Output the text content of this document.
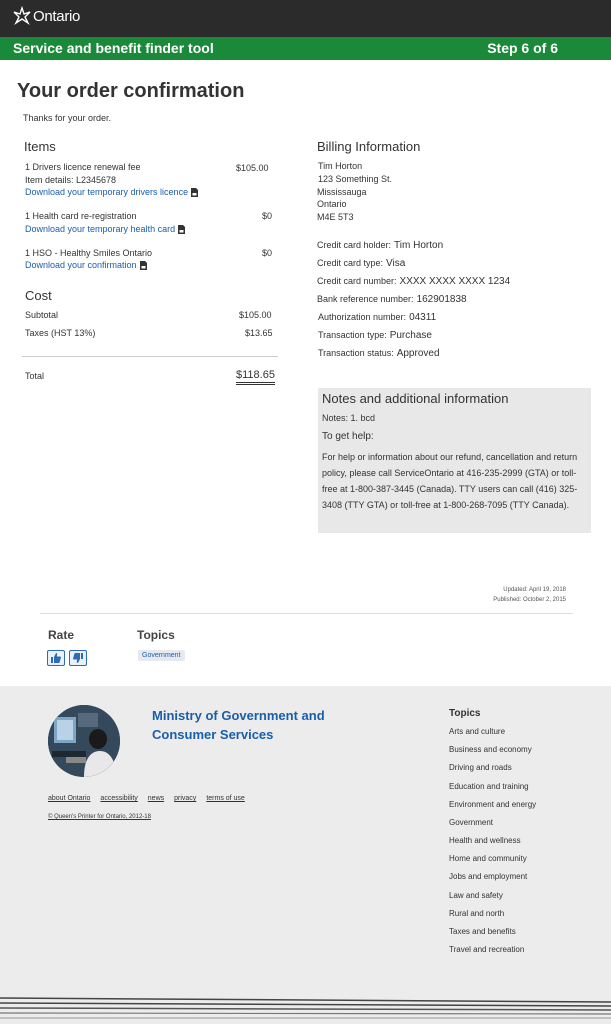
Ontario
Service and benefit finder tool	Step 6 of 6
Your order confirmation
Thanks for your order.
Items
1 Drivers licence renewal fee	$105.00
Item details: L2345678
Download your temporary drivers licence
1 Health card re-registration	$0
Download your temporary health card
1 HSO - Healthy Smiles Ontario	$0
Download your confirmation
Cost
Subtotal	$105.00
Taxes (HST 13%)	$13.65
Total	$118.65
Billing Information
Tim Horton
123 Something St.
Mississauga
Ontario
M4E 5T3
Credit card holder: Tim Horton
Credit card type: Visa
Credit card number: XXXX XXXX XXXX 1234
Bank reference number: 162901838
Authorization number: 04311
Transaction type: Purchase
Transaction status: Approved
Notes and additional information
Notes: 1. bcd
To get help:
For help or information about our refund, cancellation and return policy, please call ServiceOntario at 416-235-2999 (GTA) or toll-free at 1-800-387-3445 (Canada). TTY users can call (416) 325-3408 (TTY GTA) or toll-free at 1-800-268-7095 (TTY Canada).
Updated: April 19, 2018
Published: October 2, 2015
Rate	Topics
Government
Ministry of Government and
Consumer Services
about Ontario accessibility news privacy terms of use
© Queen's Printer for Ontario, 2012-18
Topics
Arts and culture
Business and economy
Driving and roads
Education and training
Environment and energy
Government
Health and wellness
Home and community
Jobs and employment
Law and safety
Rural and north
Taxes and benefits
Travel and recreation
